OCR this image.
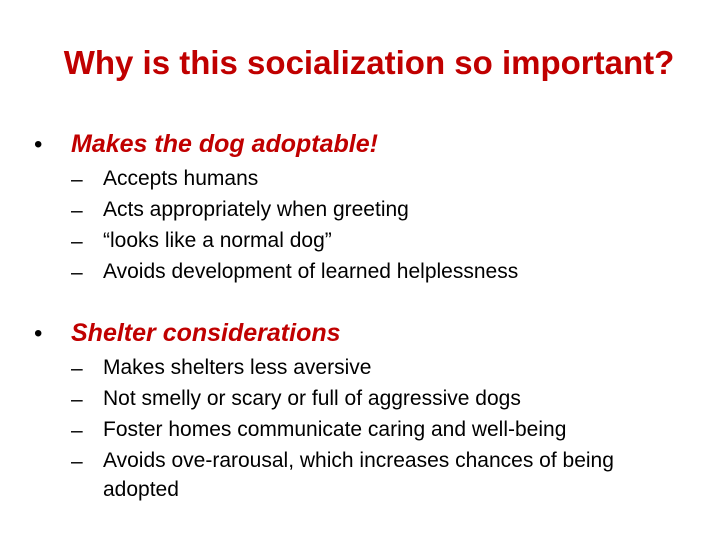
Why is this socialization so important?
• Makes the dog adoptable!
– Accepts humans
– Acts appropriately when greeting
– “looks like a normal dog”
– Avoids development of learned helplessness
• Shelter considerations
– Makes shelters less aversive
– Not smelly or scary or full of aggressive dogs
– Foster homes communicate caring and well-being
– Avoids ove-rarousal, which increases chances of being adopted
